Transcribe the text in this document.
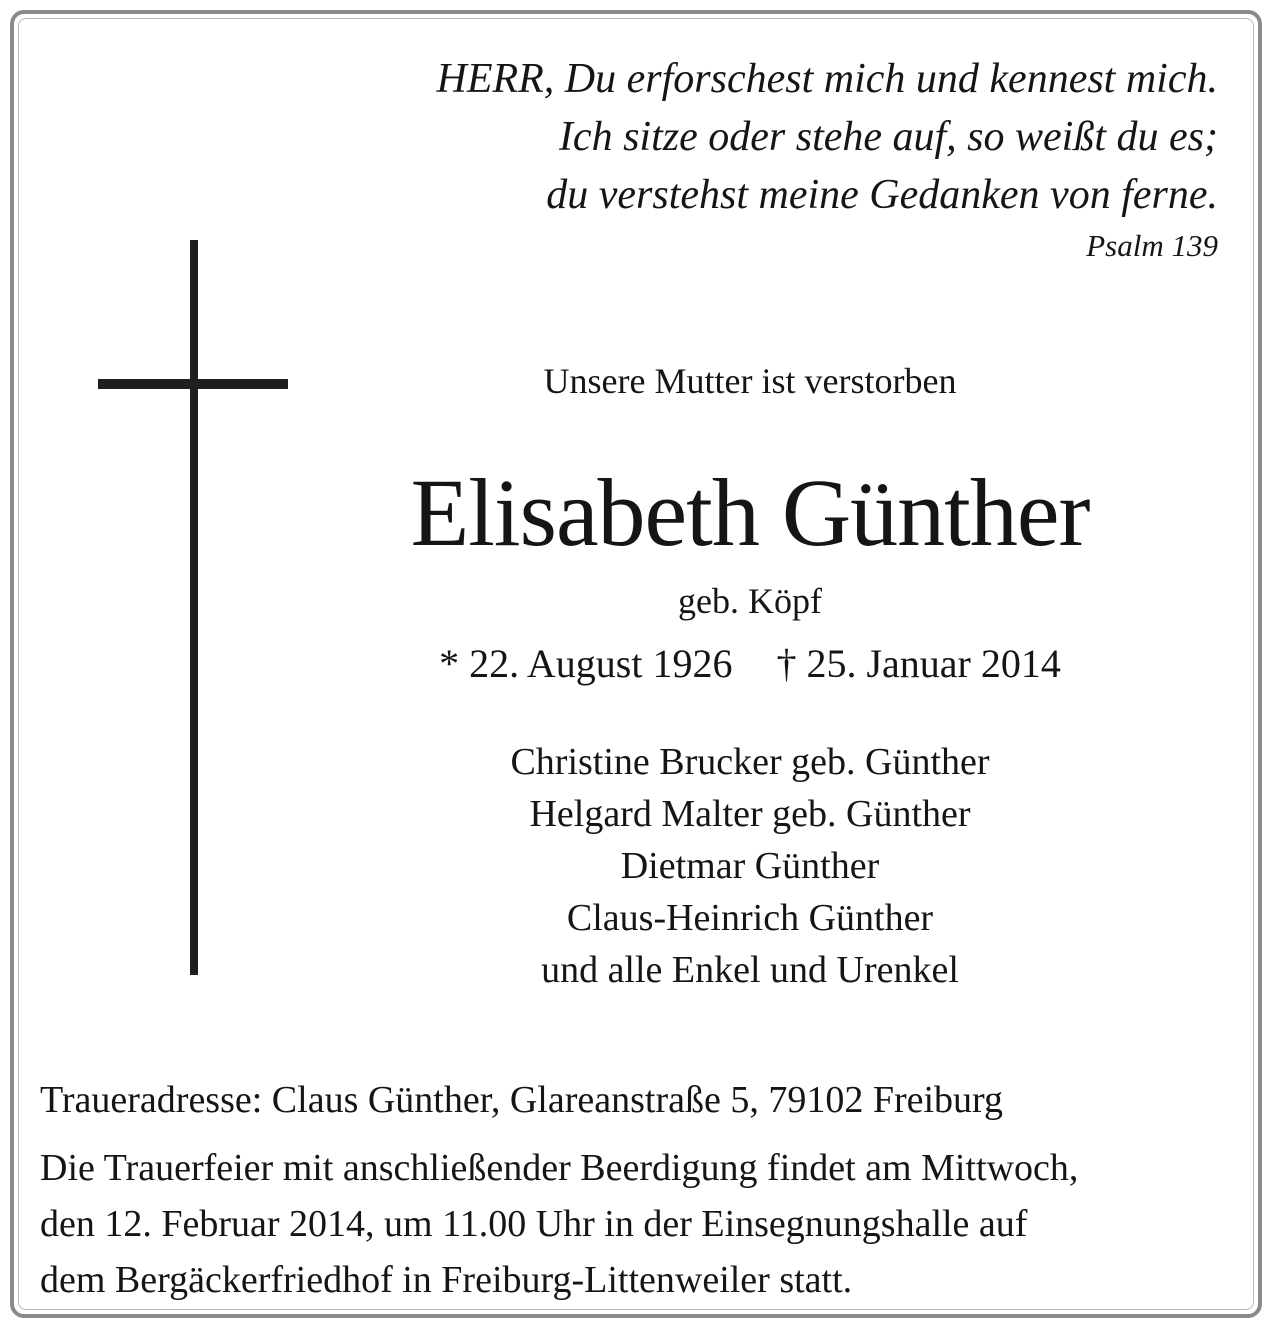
HERR, Du erforschest mich und kennest mich.
Ich sitze oder stehe auf, so weißt du es;
du verstehst meine Gedanken von ferne.
Psalm 139
Unsere Mutter ist verstorben
Elisabeth Günther
geb. Köpf
* 22. August 1926 † 25. Januar 2014
Christine Brucker geb. Günther
Helgard Malter geb. Günther
Dietmar Günther
Claus-Heinrich Günther
und alle Enkel und Urenkel
Traueradresse: Claus Günther, Glareanstraße 5, 79102 Freiburg
Die Trauerfeier mit anschließender Beerdigung findet am Mittwoch,
den 12. Februar 2014, um 11.00 Uhr in der Einsegnungshalle auf
dem Bergäckerfriedhof in Freiburg-Littenweiler statt.
